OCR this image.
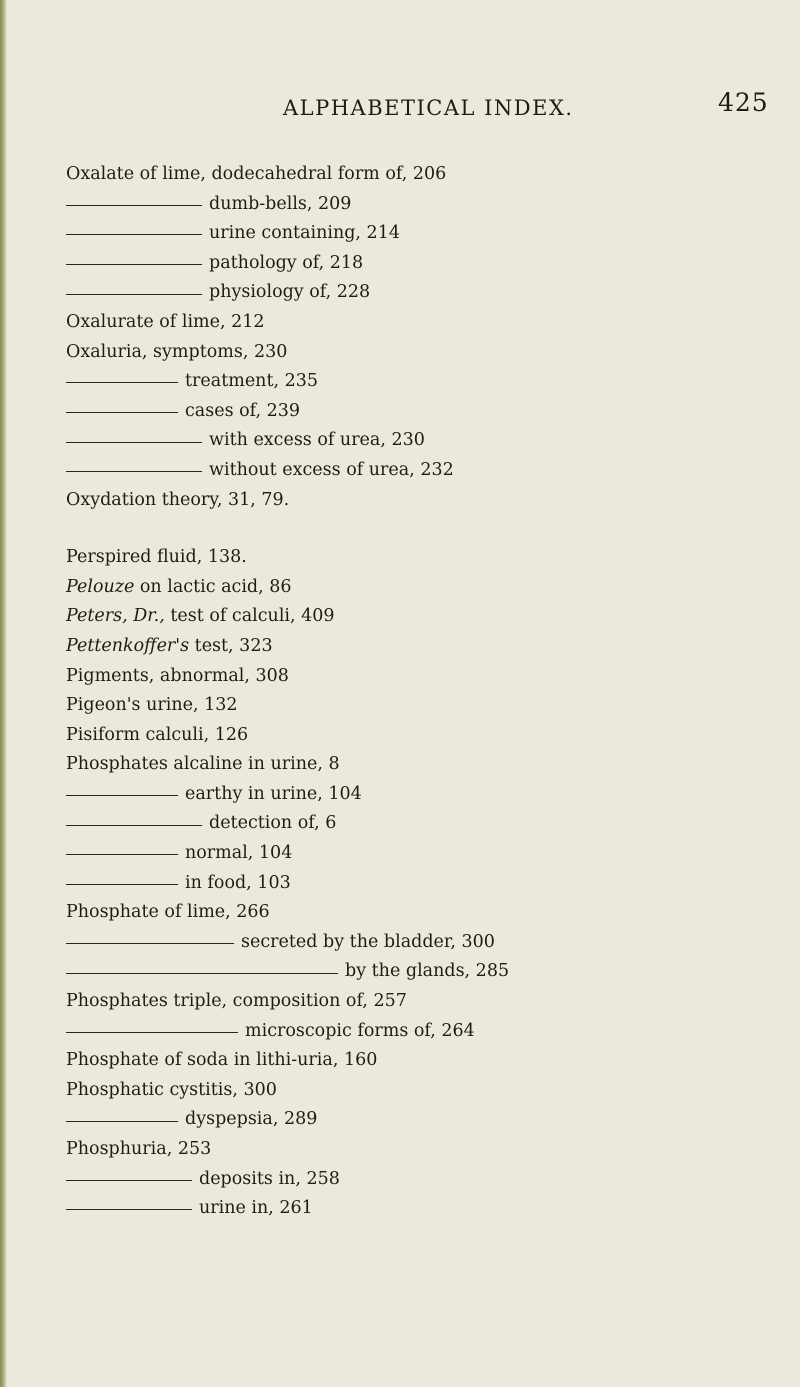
ALPHABETICAL INDEX.	425
Oxalate of lime, dodecahedral form of, 206
dumb-bells, 209
urine containing, 214
pathology of, 218
physiology of, 228
Oxalurate of lime, 212
Oxaluria, symptoms, 230
treatment, 235
cases of, 239
with excess of urea, 230
without excess of urea, 232
Oxydation theory, 31, 79.
Perspired fluid, 138.
Pelouze on lactic acid, 86
Peters, Dr., test of calculi, 409
Pettenkoffer's test, 323
Pigments, abnormal, 308
Pigeon's urine, 132
Pisiform calculi, 126
Phosphates alcaline in urine, 8
earthy in urine, 104
detection of, 6
normal, 104
in food, 103
Phosphate of lime, 266
secreted by the bladder, 300
by the glands, 285
Phosphates triple, composition of, 257
microscopic forms of, 264
Phosphate of soda in lithi-uria, 160
Phosphatic cystitis, 300
dyspepsia, 289
Phosphuria, 253
deposits in, 258
urine in, 261
